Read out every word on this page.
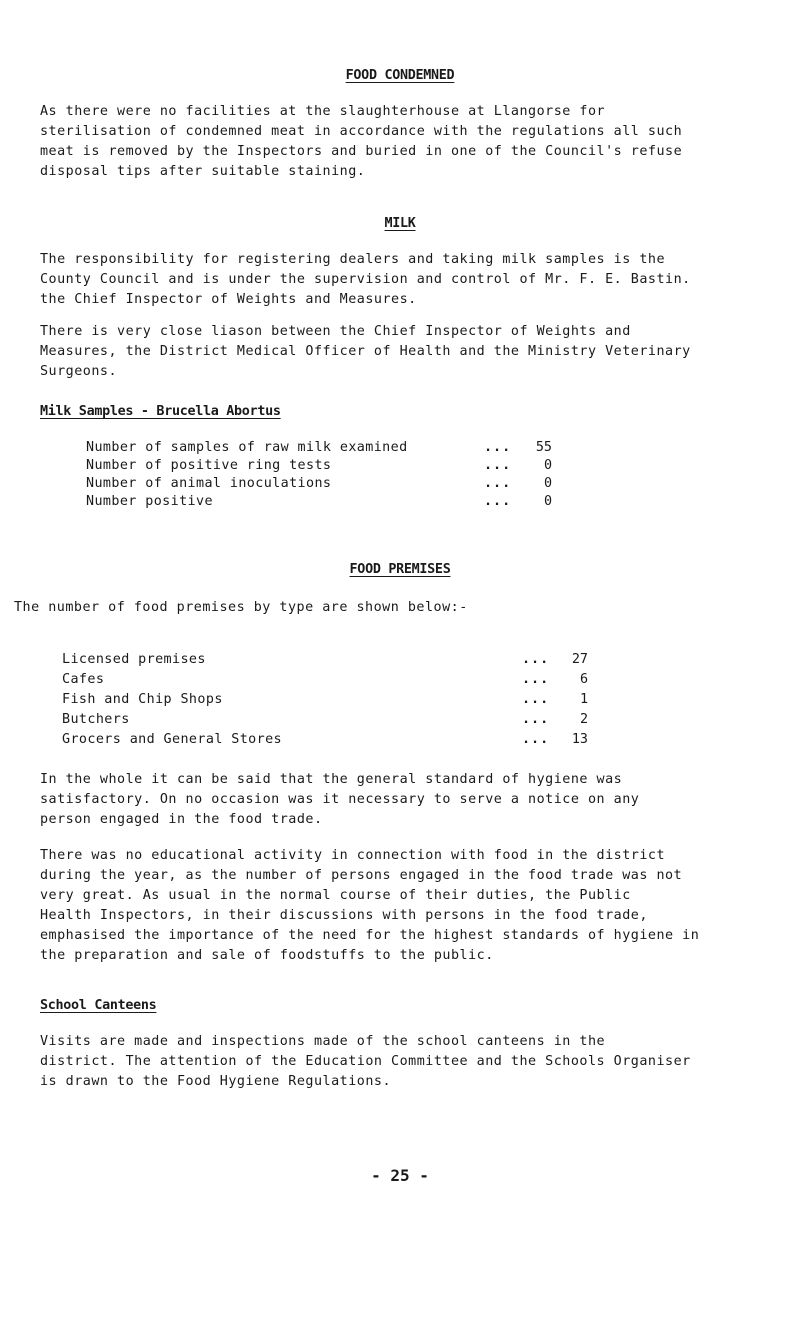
FOOD CONDEMNED
As there were no facilities at the slaughterhouse at Llangorse for
sterilisation of condemned meat in accordance with the regulations all such
meat is removed by the Inspectors and buried in one of the Council's refuse
disposal tips after suitable staining.
MILK
The responsibility for registering dealers and taking milk samples is the
County Council and is under the supervision and control of Mr. F. E. Bastin.
the Chief Inspector of Weights and Measures.
There is very close liason between the Chief Inspector of Weights and
Measures, the District Medical Officer of Health and the Ministry Veterinary
Surgeons.
Milk Samples - Brucella Abortus
Number of samples of raw milk examined	...	55
Number of positive ring tests	...	0
Number of animal inoculations	...	0
Number positive	...	0
FOOD PREMISES
The number of food premises by type are shown below:-
Licensed premises	...	27
Cafes	...	6
Fish and Chip Shops	...	1
Butchers	...	2
Grocers and General Stores	...	13
In the whole it can be said that the general standard of hygiene was
satisfactory. On no occasion was it necessary to serve a notice on any
person engaged in the food trade.
There was no educational activity in connection with food in the district
during the year, as the number of persons engaged in the food trade was not
very great. As usual in the normal course of their duties, the Public
Health Inspectors, in their discussions with persons in the food trade,
emphasised the importance of the need for the highest standards of hygiene in
the preparation and sale of foodstuffs to the public.
School Canteens
Visits are made and inspections made of the school canteens in the
district. The attention of the Education Committee and the Schools Organiser
is drawn to the Food Hygiene Regulations.
- 25 -
